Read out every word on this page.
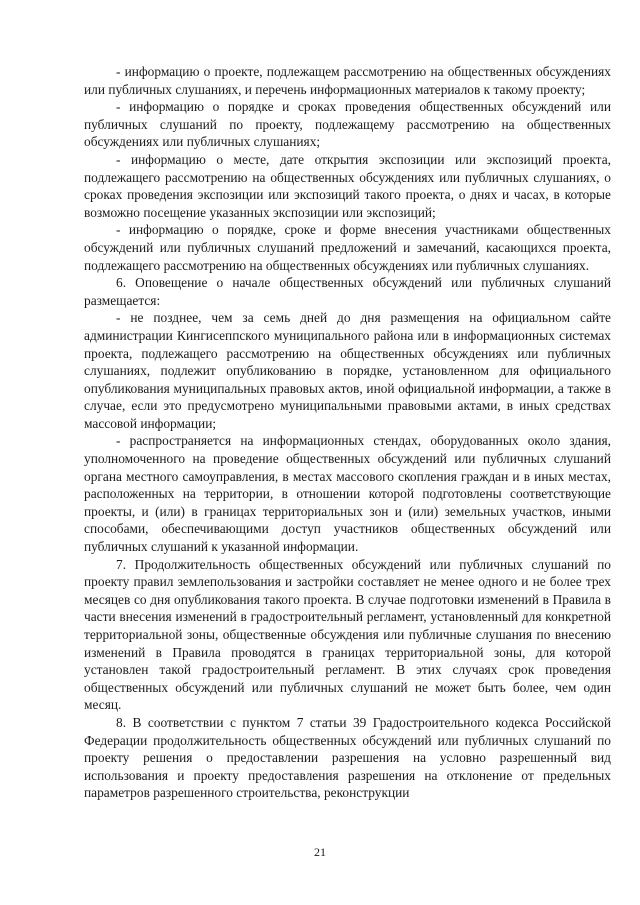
- информацию о проекте, подлежащем рассмотрению на общественных обсуждениях или публичных слушаниях, и перечень информационных материалов к такому проекту;

- информацию о порядке и сроках проведения общественных обсуждений или публичных слушаний по проекту, подлежащему рассмотрению на общественных обсуждениях или публичных слушаниях;

- информацию о месте, дате открытия экспозиции или экспозиций проекта, подлежащего рассмотрению на общественных обсуждениях или публичных слушаниях, о сроках проведения экспозиции или экспозиций такого проекта, о днях и часах, в которые возможно посещение указанных экспозиции или экспозиций;

- информацию о порядке, сроке и форме внесения участниками общественных обсуждений или публичных слушаний предложений и замечаний, касающихся проекта, подлежащего рассмотрению на общественных обсуждениях или публичных слушаниях.

6. Оповещение о начале общественных обсуждений или публичных слушаний размещается:

- не позднее, чем за семь дней до дня размещения на официальном сайте администрации Кингисеппского муниципального района или в информационных системах проекта, подлежащего рассмотрению на общественных обсуждениях или публичных слушаниях, подлежит опубликованию в порядке, установленном для официального опубликования муниципальных правовых актов, иной официальной информации, а также в случае, если это предусмотрено муниципальными правовыми актами, в иных средствах массовой информации;

- распространяется на информационных стендах, оборудованных около здания, уполномоченного на проведение общественных обсуждений или публичных слушаний органа местного самоуправления, в местах массового скопления граждан и в иных местах, расположенных на территории, в отношении которой подготовлены соответствующие проекты, и (или) в границах территориальных зон и (или) земельных участков, иными способами, обеспечивающими доступ участников общественных обсуждений или публичных слушаний к указанной информации.

7. Продолжительность общественных обсуждений или публичных слушаний по проекту правил землепользования и застройки составляет не менее одного и не более трех месяцев со дня опубликования такого проекта. В случае подготовки изменений в Правила в части внесения изменений в градостроительный регламент, установленный для конкретной территориальной зоны, общественные обсуждения или публичные слушания по внесению изменений в Правила проводятся в границах территориальной зоны, для которой установлен такой градостроительный регламент. В этих случаях срок проведения общественных обсуждений или публичных слушаний не может быть более, чем один месяц.

8. В соответствии с пунктом 7 статьи 39 Градостроительного кодекса Российской Федерации продолжительность общественных обсуждений или публичных слушаний по проекту решения о предоставлении разрешения на условно разрешенный вид использования и проекту предоставления разрешения на отклонение от предельных параметров разрешенного строительства, реконструкции

21
